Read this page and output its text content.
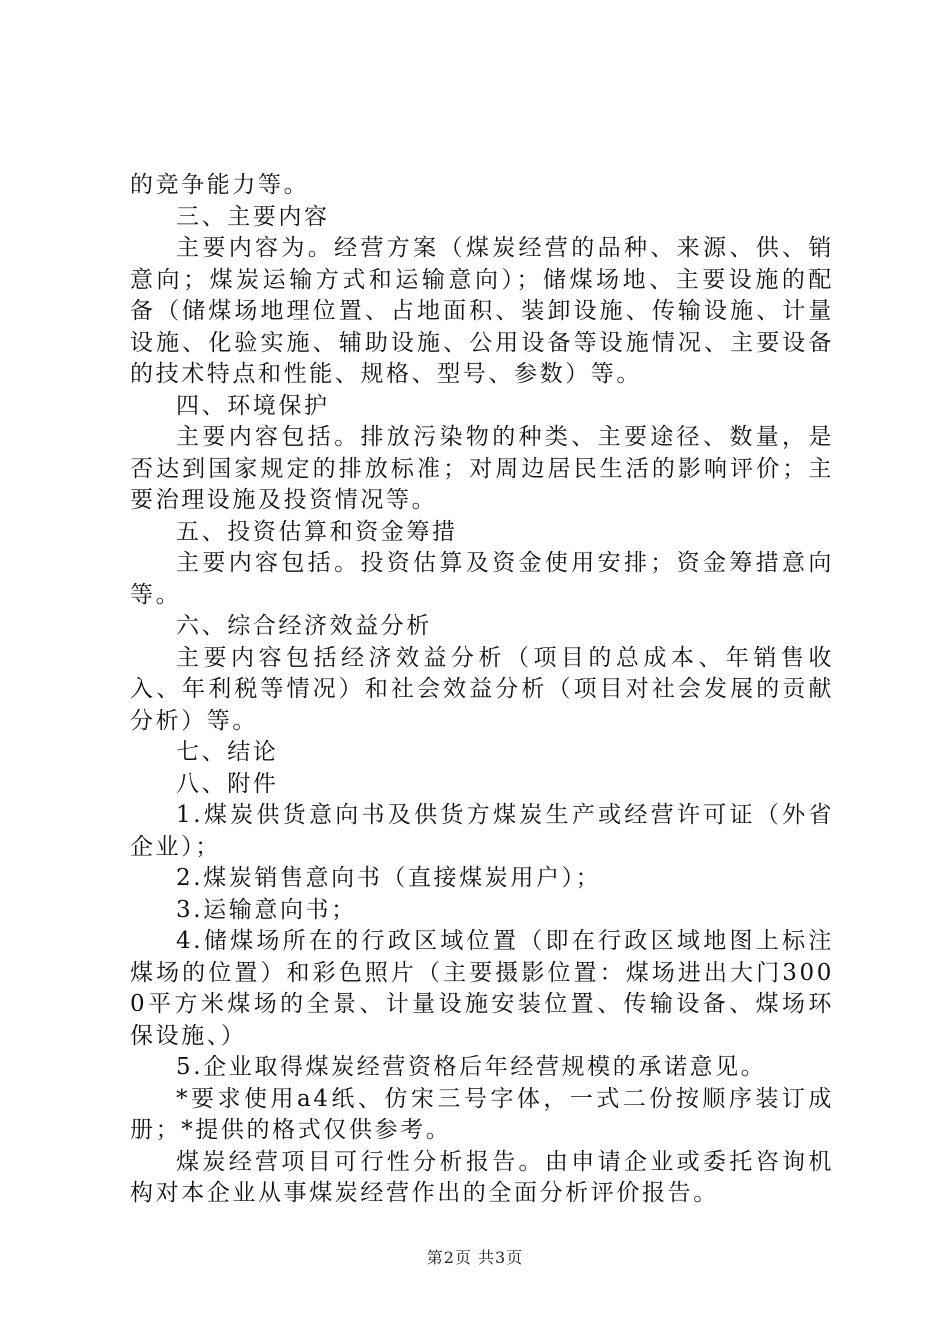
的竞争能力等。

三、主要内容

主要内容为。经营方案（煤炭经营的品种、来源、供、销意向；煤炭运输方式和运输意向）；储煤场地、主要设施的配备（储煤场地理位置、占地面积、装卸设施、传输设施、计量设施、化验实施、辅助设施、公用设备等设施情况、主要设备的技术特点和性能、规格、型号、参数）等。

四、环境保护

主要内容包括。排放污染物的种类、主要途径、数量，是否达到国家规定的排放标准；对周边居民生活的影响评价；主要治理设施及投资情况等。

五、投资估算和资金筹措

主要内容包括。投资估算及资金使用安排；资金筹措意向等。

六、综合经济效益分析

主要内容包括经济效益分析（项目的总成本、年销售收入、年利税等情况）和社会效益分析（项目对社会发展的贡献分析）等。

七、结论

八、附件

1.煤炭供货意向书及供货方煤炭生产或经营许可证（外省企业）；

2.煤炭销售意向书（直接煤炭用户）；

3.运输意向书；

4.储煤场所在的行政区域位置（即在行政区域地图上标注煤场的位置）和彩色照片（主要摄影位置：煤场进出大门3000平方米煤场的全景、计量设施安装位置、传输设备、煤场环保设施、）

5.企业取得煤炭经营资格后年经营规模的承诺意见。

*要求使用a4纸、仿宋三号字体，一式二份按顺序装订成册；*提供的格式仅供参考。

煤炭经营项目可行性分析报告。由申请企业或委托咨询机构对本企业从事煤炭经营作出的全面分析评价报告。

第2页 共3页
